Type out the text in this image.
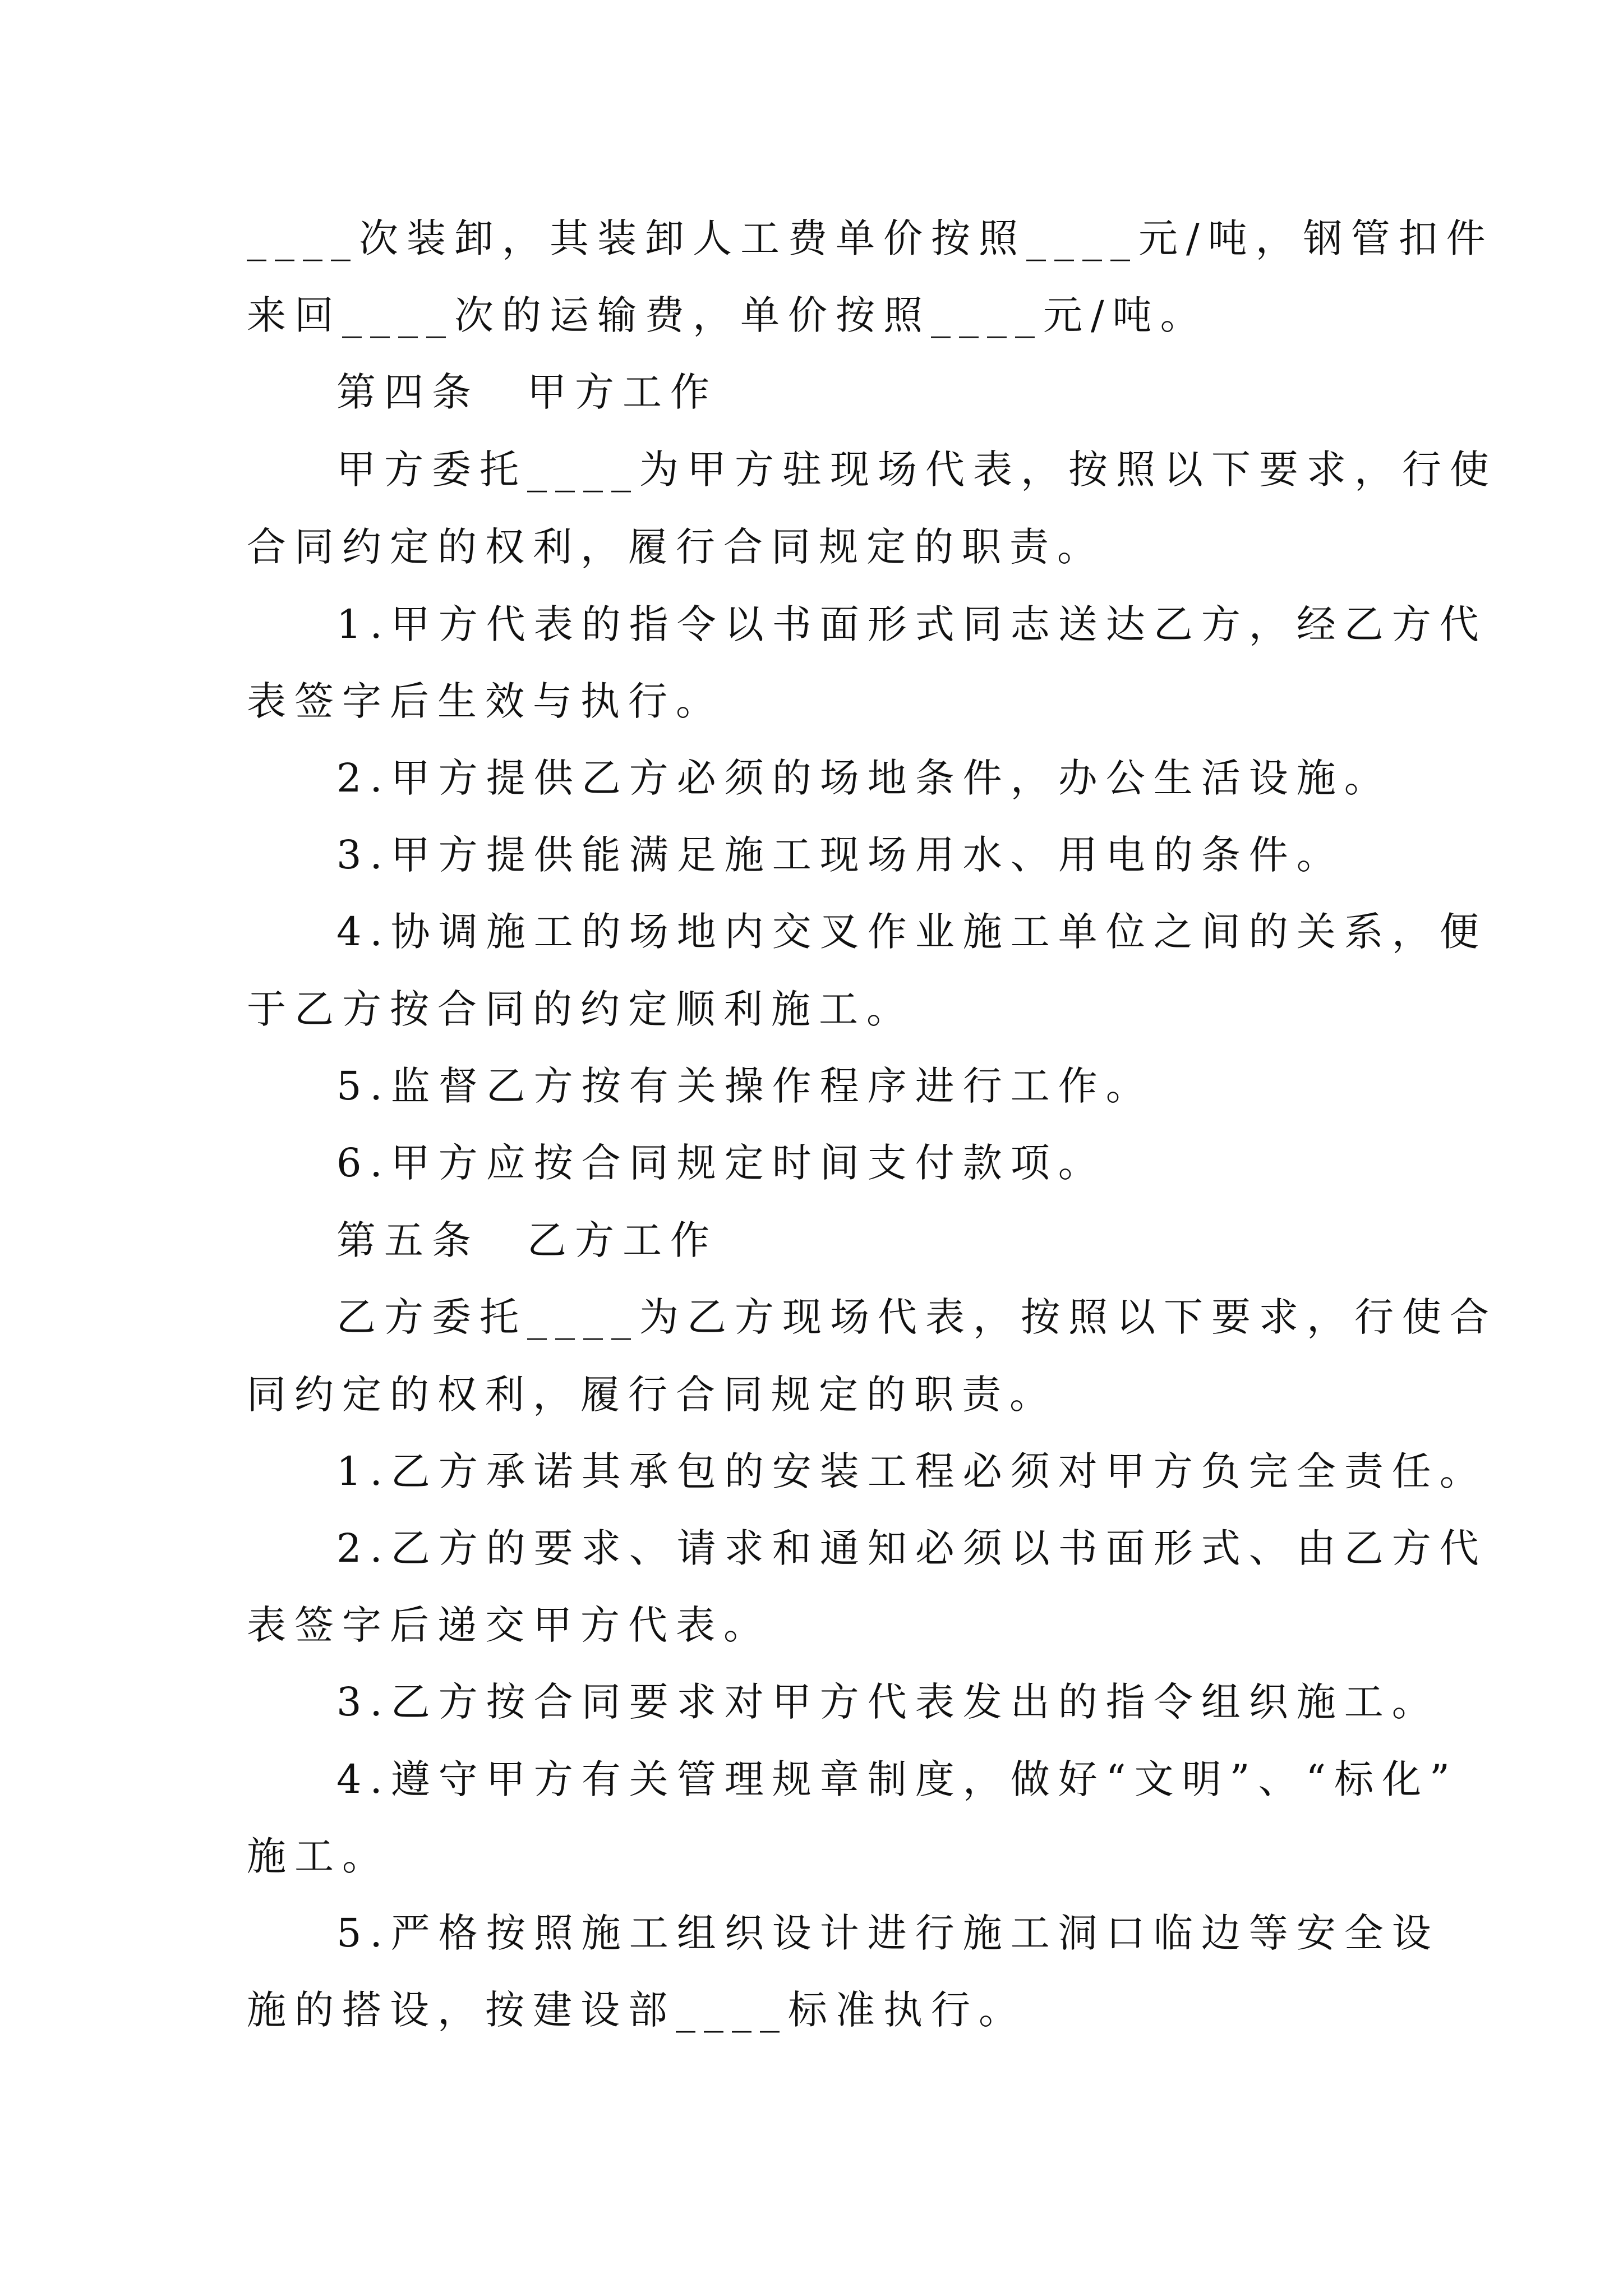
____次装卸，其装卸人工费单价按照____元/吨，钢管扣件
来回____次的运输费，单价按照____元/吨。
第四条　甲方工作
甲方委托____为甲方驻现场代表，按照以下要求，行使
合同约定的权利，履行合同规定的职责。
1.甲方代表的指令以书面形式同志送达乙方，经乙方代
表签字后生效与执行。
2.甲方提供乙方必须的场地条件，办公生活设施。
3.甲方提供能满足施工现场用水、用电的条件。
4.协调施工的场地内交叉作业施工单位之间的关系，便
于乙方按合同的约定顺利施工。
5.监督乙方按有关操作程序进行工作。
6.甲方应按合同规定时间支付款项。
第五条　乙方工作
乙方委托____为乙方现场代表，按照以下要求，行使合
同约定的权利，履行合同规定的职责。
1.乙方承诺其承包的安装工程必须对甲方负完全责任。
2.乙方的要求、请求和通知必须以书面形式、由乙方代
表签字后递交甲方代表。
3.乙方按合同要求对甲方代表发出的指令组织施工。
4.遵守甲方有关管理规章制度，做好“文明”、“标化”
施工。
5.严格按照施工组织设计进行施工洞口临边等安全设
施的搭设，按建设部____标准执行。
